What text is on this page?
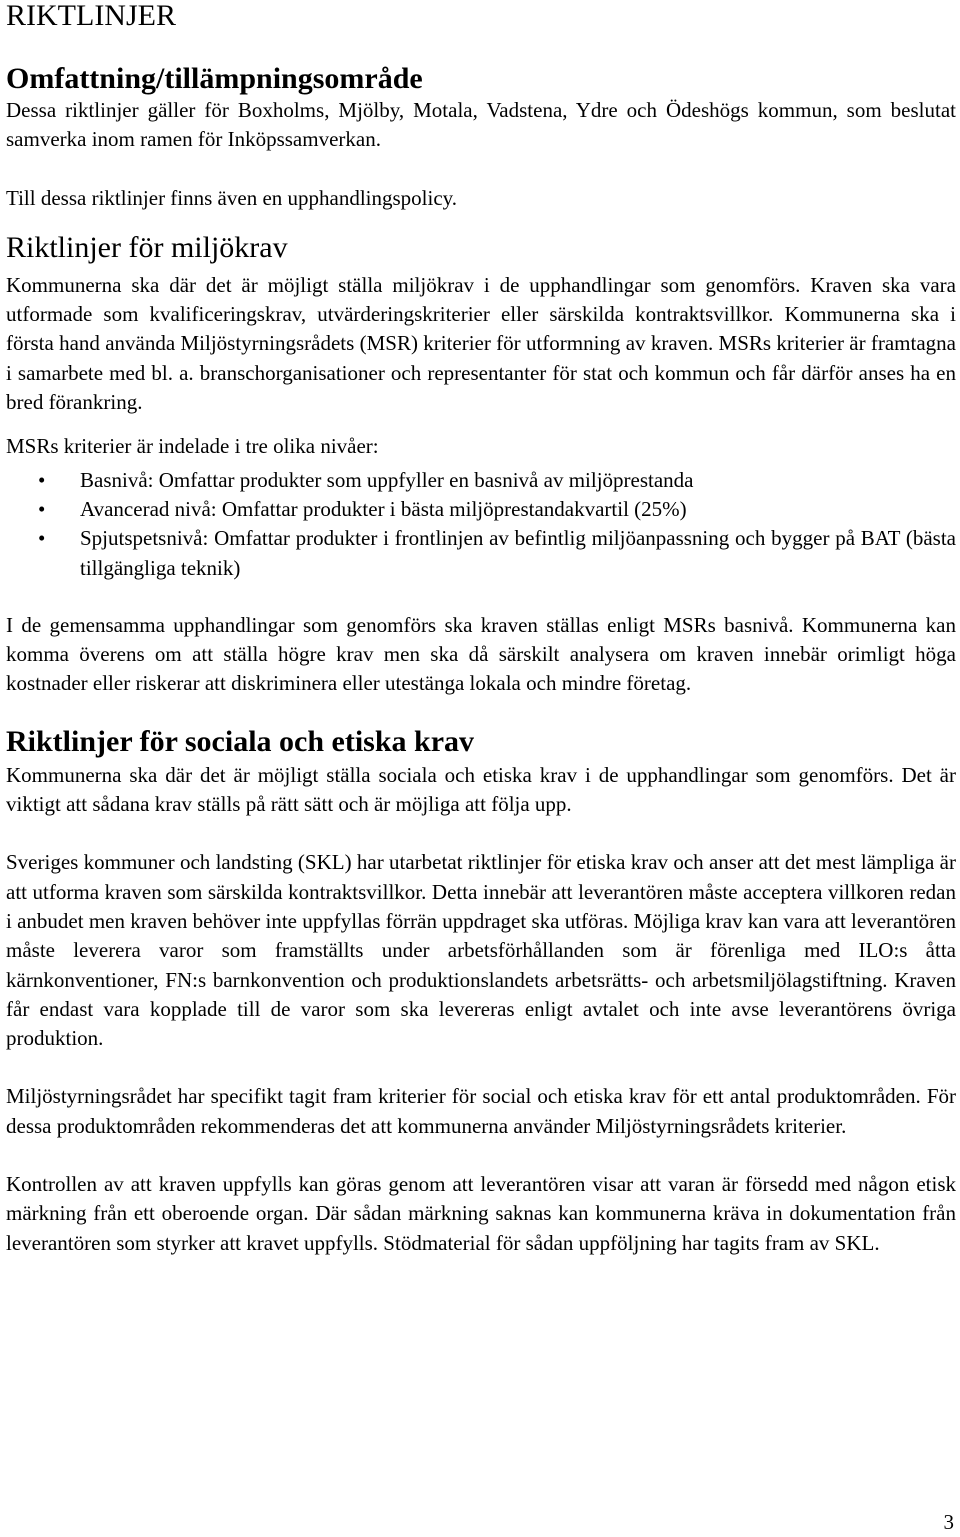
RIKTLINJER
Omfattning/tillämpningsområde

Dessa riktlinjer gäller för Boxholms, Mjölby, Motala, Vadstena, Ydre och Ödeshögs kommun, som beslutat samverka inom ramen för Inköpssamverkan.

Till dessa riktlinjer finns även en upphandlingspolicy.

Riktlinjer för miljökrav

Kommunerna ska där det är möjligt ställa miljökrav i de upphandlingar som genomförs. Kraven ska vara utformade som kvalificeringskrav, utvärderingskriterier eller särskilda kontraktsvillkor. Kommunerna ska i första hand använda Miljöstyrningsrådets (MSR) kriterier för utformning av kraven. MSRs kriterier är framtagna i samarbete med bl. a. branschorganisationer och representanter för stat och kommun och får därför anses ha en bred förankring.

MSRs kriterier är indelade i tre olika nivåer:

• Basnivå: Omfattar produkter som uppfyller en basnivå av miljöprestanda
• Avancerad nivå: Omfattar produkter i bästa miljöprestandakvartil (25%)
• Spjutspetsnivå: Omfattar produkter i frontlinjen av befintlig miljöanpassning och bygger på BAT (bästa tillgängliga teknik)

I de gemensamma upphandlingar som genomförs ska kraven ställas enligt MSRs basnivå. Kommunerna kan komma överens om att ställa högre krav men ska då särskilt analysera om kraven innebär orimligt höga kostnader eller riskerar att diskriminera eller utestänga lokala och mindre företag.

Riktlinjer för sociala och etiska krav

Kommunerna ska där det är möjligt ställa sociala och etiska krav i de upphandlingar som genomförs. Det är viktigt att sådana krav ställs på rätt sätt och är möjliga att följa upp.

Sveriges kommuner och landsting (SKL) har utarbetat riktlinjer för etiska krav och anser att det mest lämpliga är att utforma kraven som särskilda kontraktsvillkor. Detta innebär att leverantören måste acceptera villkoren redan i anbudet men kraven behöver inte uppfyllas förrän uppdraget ska utföras. Möjliga krav kan vara att leverantören måste leverera varor som framställts under arbetsförhållanden som är förenliga med ILO:s åtta kärnkonventioner, FN:s barnkonvention och produktionslandets arbetsrätts- och arbetsmiljölagstiftning. Kraven får endast vara kopplade till de varor som ska levereras enligt avtalet och inte avse leverantörens övriga produktion.

Miljöstyrningsrådet har specifikt tagit fram kriterier för social och etiska krav för ett antal produktområden. För dessa produktområden rekommenderas det att kommunerna använder Miljöstyrningsrådets kriterier.

Kontrollen av att kraven uppfylls kan göras genom att leverantören visar att varan är försedd med någon etisk märkning från ett oberoende organ. Där sådan märkning saknas kan kommunerna kräva in dokumentation från leverantören som styrker att kravet uppfylls. Stödmaterial för sådan uppföljning har tagits fram av SKL.

3
